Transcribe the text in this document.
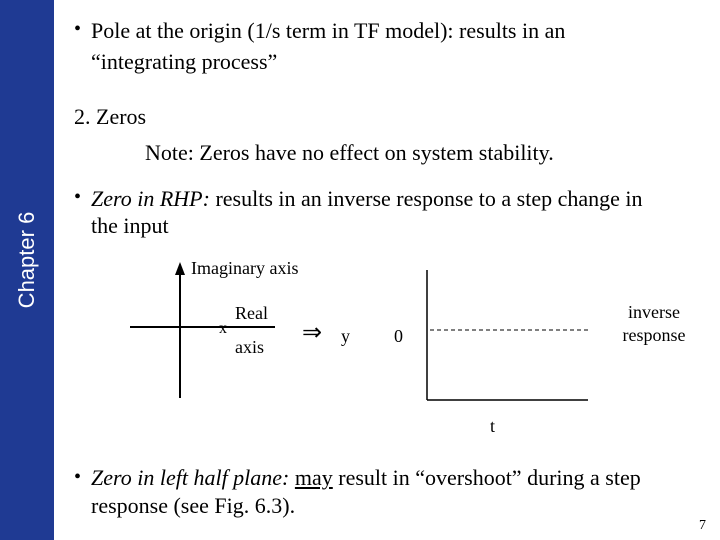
Chapter 6
• Pole at the origin (1/s term in TF model): results in an
“integrating process”
2. Zeros
Note: Zeros have no effect on system stability.
• Zero in RHP: results in an inverse response to a step change in
the input
Imaginary axis
x
Real
axis
⇒ y 0
inverse
response
t
• Zero in left half plane: may result in “overshoot” during a step
response (see Fig. 6.3).
7
